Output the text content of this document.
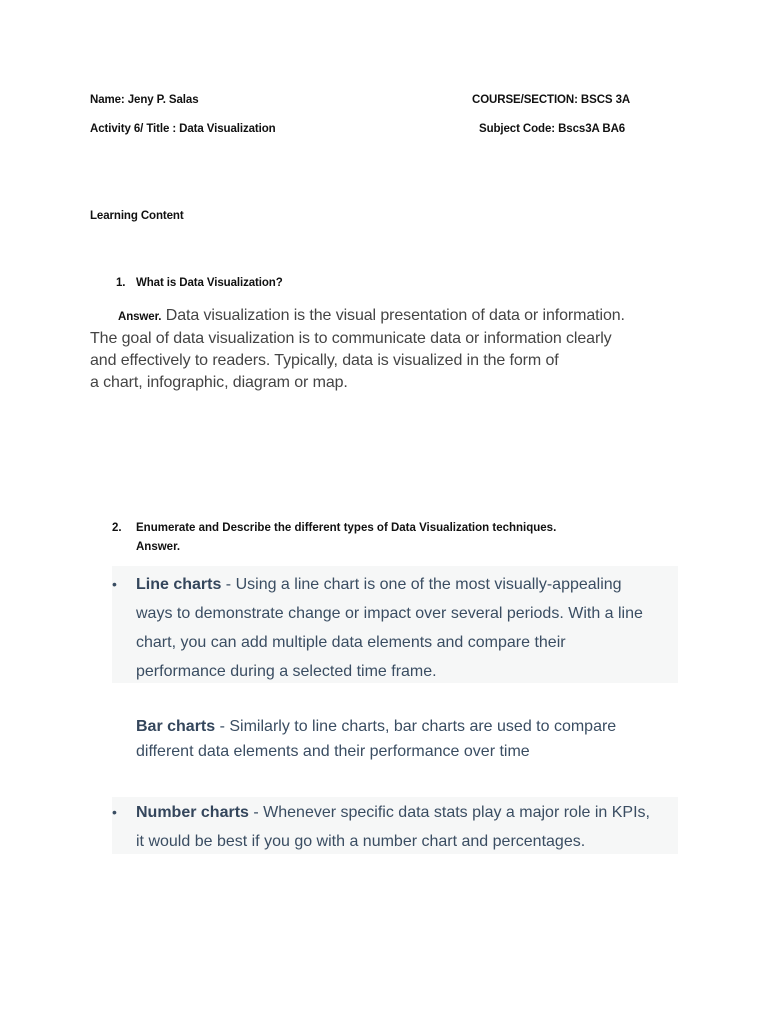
Name: Jeny P. Salas	COURSE/SECTION: BSCS 3A
Activity 6/ Title : Data Visualization	Subject Code: Bscs3A BA6
Learning Content
1. What is Data Visualization?
Answer. Data visualization is the visual presentation of data or information.
The goal of data visualization is to communicate data or information clearly
and effectively to readers. Typically, data is visualized in the form of
a chart, infographic, diagram or map.
2. Enumerate and Describe the different types of Data Visualization techniques.
Answer.
• Line charts - Using a line chart is one of the most visually-appealing
ways to demonstrate change or impact over several periods. With a line
chart, you can add multiple data elements and compare their
performance during a selected time frame.
Bar charts - Similarly to line charts, bar charts are used to compare
different data elements and their performance over time
• Number charts - Whenever specific data stats play a major role in KPIs,
it would be best if you go with a number chart and percentages.
